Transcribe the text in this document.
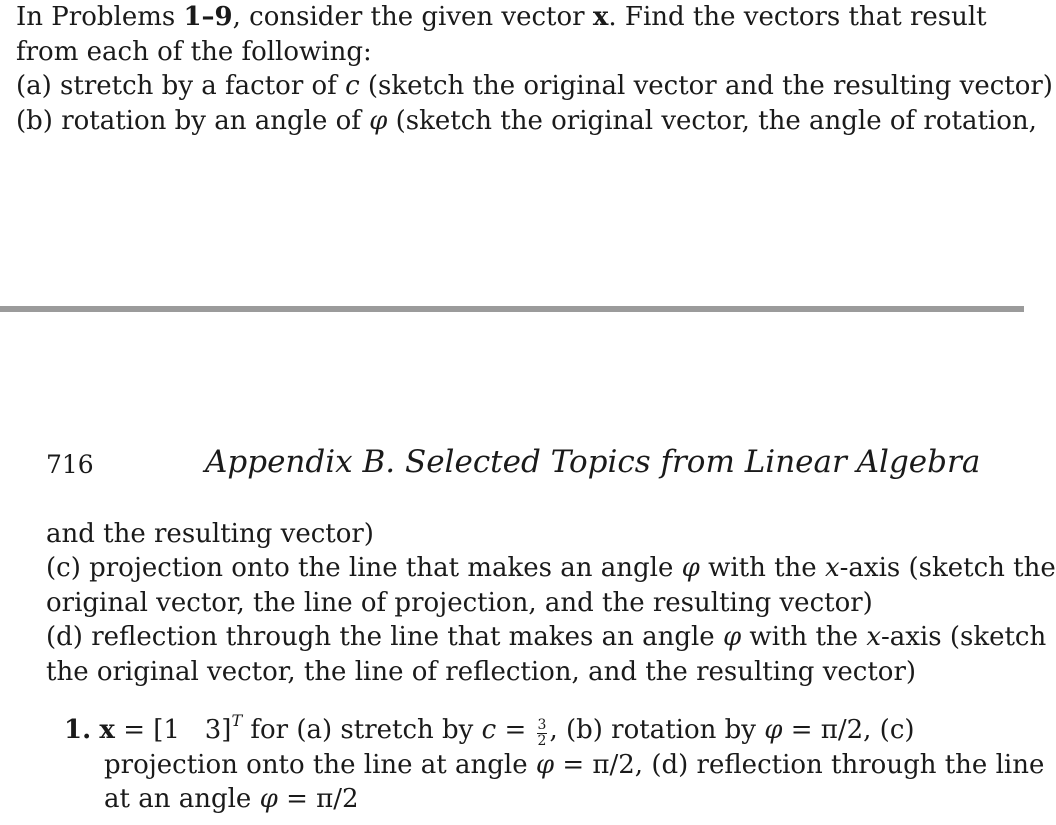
In Problems 1–9, consider the given vector x. Find the vectors that result
from each of the following:
(a) stretch by a factor of c (sketch the original vector and the resulting vector)
(b) rotation by an angle of φ (sketch the original vector, the angle of rotation,
716	Appendix B. Selected Topics from Linear Algebra
and the resulting vector)
(c) projection onto the line that makes an angle φ with the x-axis (sketch the
original vector, the line of projection, and the resulting vector)
(d) reflection through the line that makes an angle φ with the x-axis (sketch
the original vector, the line of reflection, and the resulting vector)
1. x = [1   3]$^T$ for (a) stretch by $c = \frac{3}{2}$ , (b) rotation by φ = π/2, (c)
projection onto the line at angle φ = π/2, (d) reflection through the line
at an angle φ = π/2
